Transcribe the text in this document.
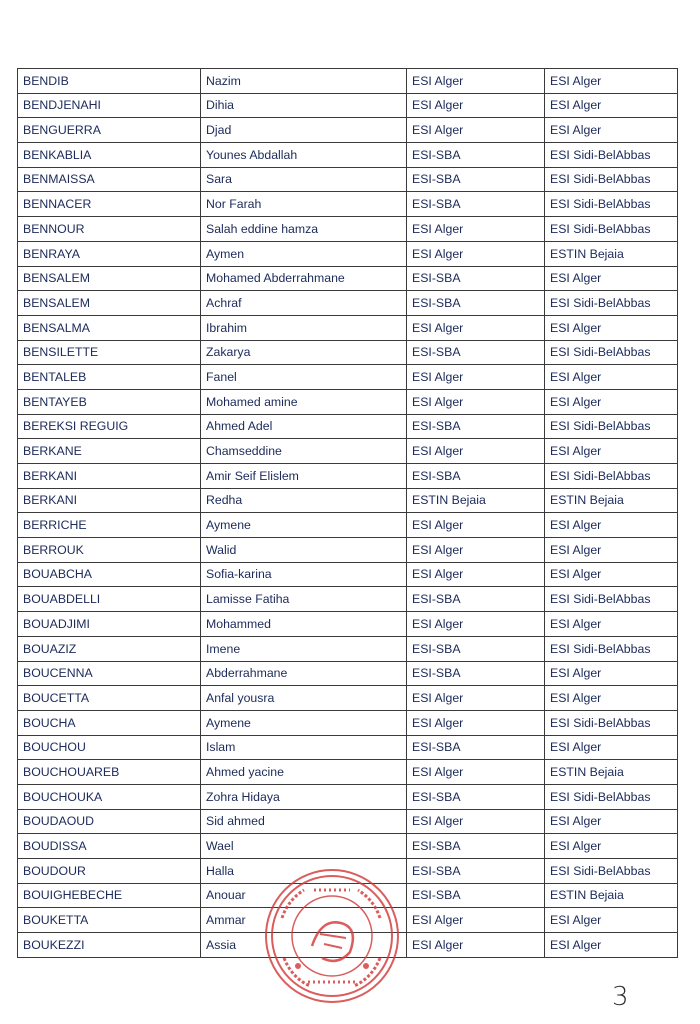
BENDIB	Nazim	ESI Alger	ESI Alger
BENDJENAHI	Dihia	ESI Alger	ESI Alger
BENGUERRA	Djad	ESI Alger	ESI Alger
BENKABLIA	Younes Abdallah	ESI-SBA	ESI Sidi-BelAbbas
BENMAISSA	Sara	ESI-SBA	ESI Sidi-BelAbbas
BENNACER	Nor Farah	ESI-SBA	ESI Sidi-BelAbbas
BENNOUR	Salah eddine hamza	ESI Alger	ESI Sidi-BelAbbas
BENRAYA	Aymen	ESI Alger	ESTIN Bejaia
BENSALEM	Mohamed Abderrahmane	ESI-SBA	ESI Alger
BENSALEM	Achraf	ESI-SBA	ESI Sidi-BelAbbas
BENSALMA	Ibrahim	ESI Alger	ESI Alger
BENSILETTE	Zakarya	ESI-SBA	ESI Sidi-BelAbbas
BENTALEB	Fanel	ESI Alger	ESI Alger
BENTAYEB	Mohamed amine	ESI Alger	ESI Alger
BEREKSI REGUIG	Ahmed Adel	ESI-SBA	ESI Sidi-BelAbbas
BERKANE	Chamseddine	ESI Alger	ESI Alger
BERKANI	Amir Seif Elislem	ESI-SBA	ESI Sidi-BelAbbas
BERKANI	Redha	ESTIN Bejaia	ESTIN Bejaia
BERRICHE	Aymene	ESI Alger	ESI Alger
BERROUK	Walid	ESI Alger	ESI Alger
BOUABCHA	Sofia-karina	ESI Alger	ESI Alger
BOUABDELLI	Lamisse Fatiha	ESI-SBA	ESI Sidi-BelAbbas
BOUADJIMI	Mohammed	ESI Alger	ESI Alger
BOUAZIZ	Imene	ESI-SBA	ESI Sidi-BelAbbas
BOUCENNA	Abderrahmane	ESI-SBA	ESI Alger
BOUCETTA	Anfal yousra	ESI Alger	ESI Alger
BOUCHA	Aymene	ESI Alger	ESI Sidi-BelAbbas
BOUCHOU	Islam	ESI-SBA	ESI Alger
BOUCHOUAREB	Ahmed yacine	ESI Alger	ESTIN Bejaia
BOUCHOUKA	Zohra Hidaya	ESI-SBA	ESI Sidi-BelAbbas
BOUDAOUD	Sid ahmed	ESI Alger	ESI Alger
BOUDISSA	Wael	ESI-SBA	ESI Alger
BOUDOUR	Halla	ESI-SBA	ESI Sidi-BelAbbas
BOUIGHEBECHE	Anouar	ESI-SBA	ESTIN Bejaia
BOUKETTA	Ammar	ESI Alger	ESI Alger
BOUKEZZI	Assia	ESI Alger	ESI Alger
3
